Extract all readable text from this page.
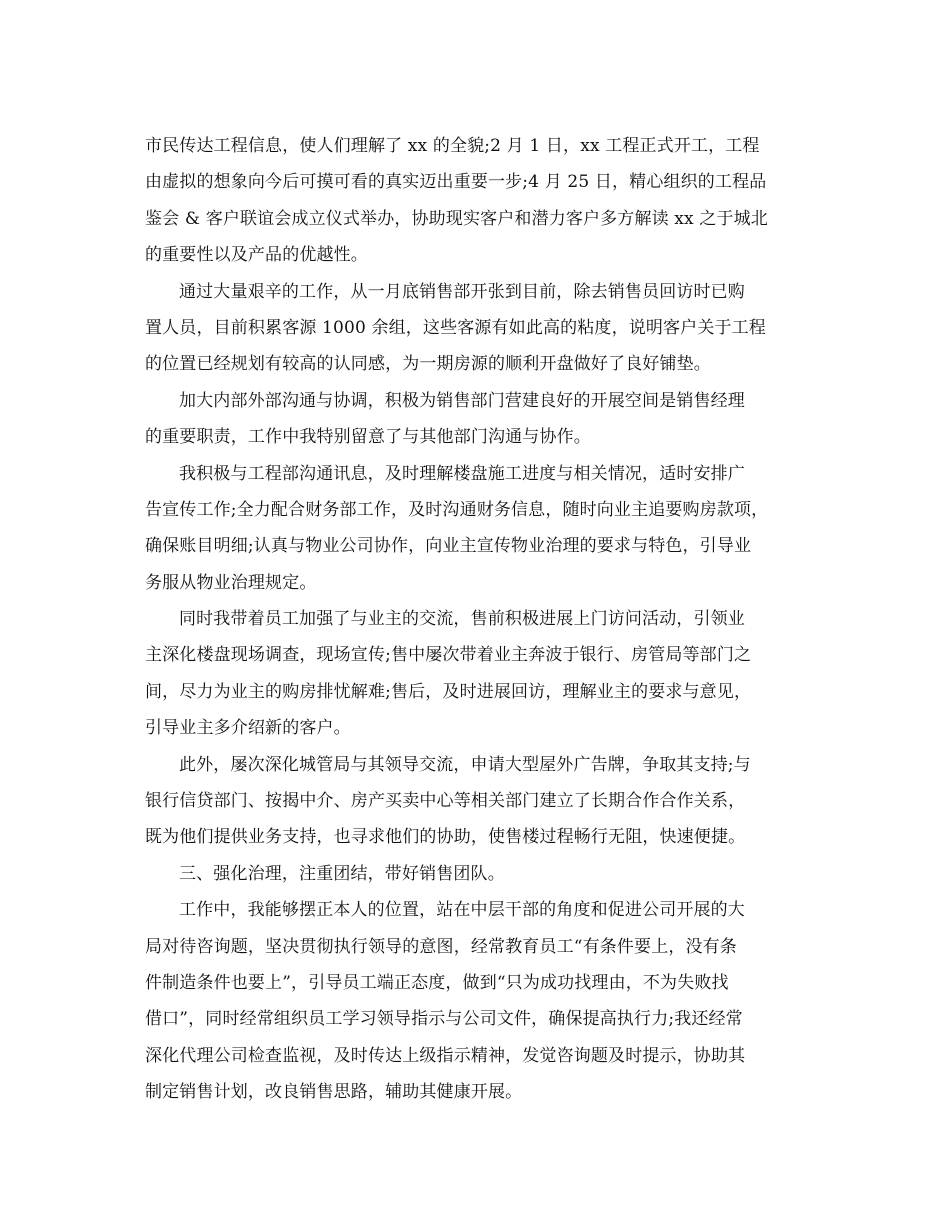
市民传达工程信息，使人们理解了 xx 的全貌;2 月 1 日，xx 工程正式开工，工程
由虚拟的想象向今后可摸可看的真实迈出重要一步;4 月 25 日，精心组织的工程品
鉴会 & 客户联谊会成立仪式举办，协助现实客户和潜力客户多方解读 xx 之于城北
的重要性以及产品的优越性。
通过大量艰辛的工作，从一月底销售部开张到目前，除去销售员回访时已购
置人员，目前积累客源 1000 余组，这些客源有如此高的粘度，说明客户关于工程
的位置已经规划有较高的认同感，为一期房源的顺利开盘做好了良好铺垫。
加大内部外部沟通与协调，积极为销售部门营建良好的开展空间是销售经理
的重要职责，工作中我特别留意了与其他部门沟通与协作。
我积极与工程部沟通讯息，及时理解楼盘施工进度与相关情况，适时安排广
告宣传工作;全力配合财务部工作，及时沟通财务信息，随时向业主追要购房款项，
确保账目明细;认真与物业公司协作，向业主宣传物业治理的要求与特色，引导业
务服从物业治理规定。
同时我带着员工加强了与业主的交流，售前积极进展上门访问活动，引领业
主深化楼盘现场调查，现场宣传;售中屡次带着业主奔波于银行、房管局等部门之
间，尽力为业主的购房排忧解难;售后，及时进展回访，理解业主的要求与意见，
引导业主多介绍新的客户。
此外，屡次深化城管局与其领导交流，申请大型屋外广告牌，争取其支持;与
银行信贷部门、按揭中介、房产买卖中心等相关部门建立了长期合作合作关系，
既为他们提供业务支持，也寻求他们的协助，使售楼过程畅行无阻，快速便捷。
三、强化治理，注重团结，带好销售团队。
工作中，我能够摆正本人的位置，站在中层干部的角度和促进公司开展的大
局对待咨询题，坚决贯彻执行领导的意图，经常教育员工“有条件要上，没有条
件制造条件也要上”，引导员工端正态度，做到“只为成功找理由，不为失败找
借口”，同时经常组织员工学习领导指示与公司文件，确保提高执行力;我还经常
深化代理公司检查监视，及时传达上级指示精神，发觉咨询题及时提示，协助其
制定销售计划，改良销售思路，辅助其健康开展。
